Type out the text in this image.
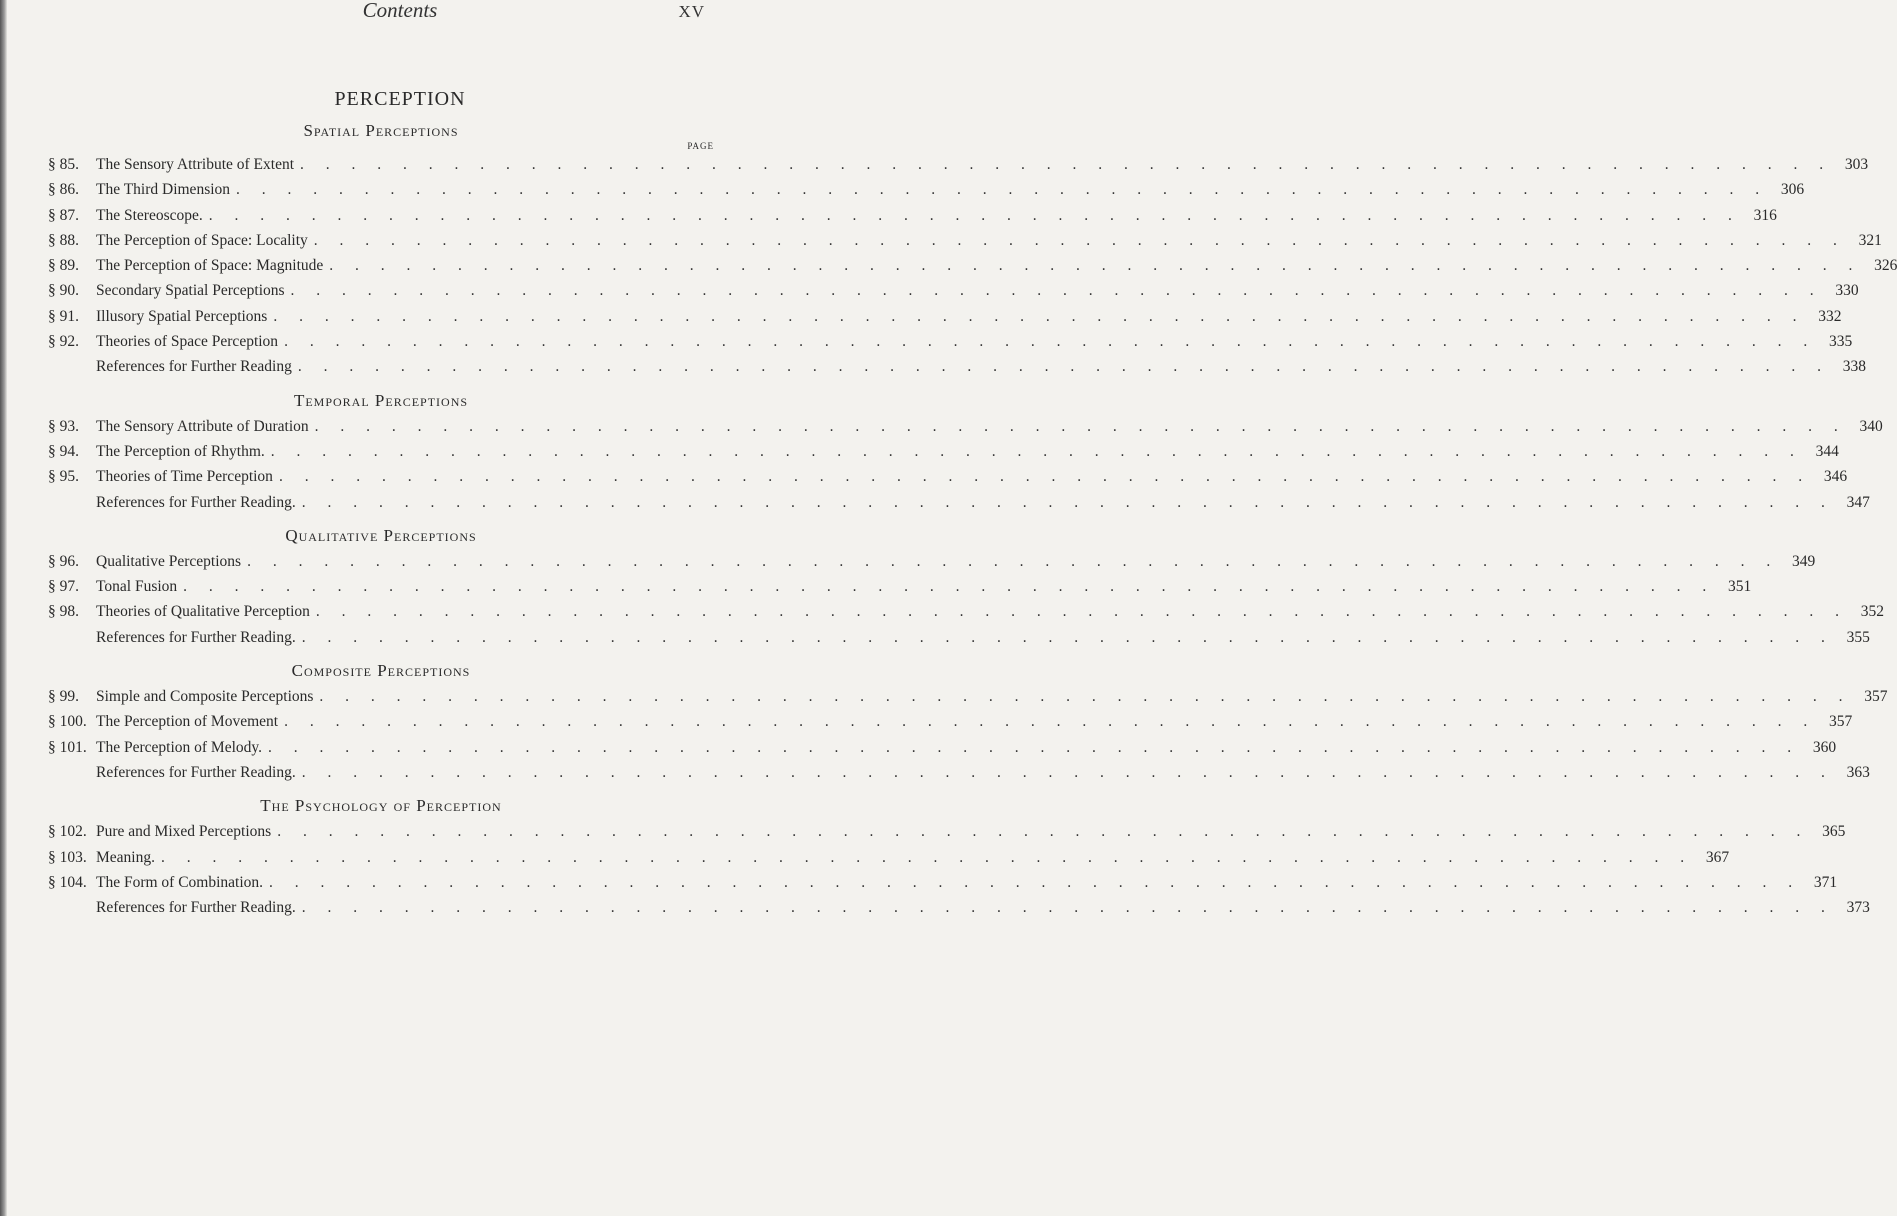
Contents	XV
PERCEPTION
Spatial Perceptions
PAGE
§ 85.	The Sensory Attribute of Extent . . . . . . . . . . . . . . . . . . . . . . . . . . . . . . . . . . . . . . . . . . . . . . . . . . . . . . . . . . . . 303
§ 86.	The Third Dimension . . . . . . . . . . . . . . . . . . . . . . . . . . . . . . . . . . . . . . . . . . . . . . . . . . . . . . . . . . . . 306
§ 87.	The Stereoscope. . . . . . . . . . . . . . . . . . . . . . . . . . . . . . . . . . . . . . . . . . . . . . . . . . . . . . . . . . . . . 316
§ 88.	The Perception of Space: Locality . . . . . . . . . . . . . . . . . . . . . . . . . . . . . . . . . . . . . . . . . . . . . . . . . . . . . . . . . . . . 321
§ 89.	The Perception of Space: Magnitude . . . . . . . . . . . . . . . . . . . . . . . . . . . . . . . . . . . . . . . . . . . . . . . . . . . . . . . . . . . . 326
§ 90.	Secondary Spatial Perceptions . . . . . . . . . . . . . . . . . . . . . . . . . . . . . . . . . . . . . . . . . . . . . . . . . . . . . . . . . . . . 330
§ 91.	Illusory Spatial Perceptions . . . . . . . . . . . . . . . . . . . . . . . . . . . . . . . . . . . . . . . . . . . . . . . . . . . . . . . . . . . . 332
§ 92.	Theories of Space Perception . . . . . . . . . . . . . . . . . . . . . . . . . . . . . . . . . . . . . . . . . . . . . . . . . . . . . . . . . . . . 335
References for Further Reading . . . . . . . . . . . . . . . . . . . . . . . . . . . . . . . . . . . . . . . . . . . . . . . . . . . . . . . . . . . . 338
Temporal Perceptions
§ 93.	The Sensory Attribute of Duration . . . . . . . . . . . . . . . . . . . . . . . . . . . . . . . . . . . . . . . . . . . . . . . . . . . . . . . . . . . . 340
§ 94.	The Perception of Rhythm. . . . . . . . . . . . . . . . . . . . . . . . . . . . . . . . . . . . . . . . . . . . . . . . . . . . . . . . . . . . . 344
§ 95.	Theories of Time Perception . . . . . . . . . . . . . . . . . . . . . . . . . . . . . . . . . . . . . . . . . . . . . . . . . . . . . . . . . . . . 346
References for Further Reading. . . . . . . . . . . . . . . . . . . . . . . . . . . . . . . . . . . . . . . . . . . . . . . . . . . . . . . . . . . . . 347
Qualitative Perceptions
§ 96.	Qualitative Perceptions . . . . . . . . . . . . . . . . . . . . . . . . . . . . . . . . . . . . . . . . . . . . . . . . . . . . . . . . . . . . 349
§ 97.	Tonal Fusion . . . . . . . . . . . . . . . . . . . . . . . . . . . . . . . . . . . . . . . . . . . . . . . . . . . . . . . . . . . . 351
§ 98.	Theories of Qualitative Perception . . . . . . . . . . . . . . . . . . . . . . . . . . . . . . . . . . . . . . . . . . . . . . . . . . . . . . . . . . . . 352
References for Further Reading. . . . . . . . . . . . . . . . . . . . . . . . . . . . . . . . . . . . . . . . . . . . . . . . . . . . . . . . . . . . . 355
Composite Perceptions
§ 99.	Simple and Composite Perceptions . . . . . . . . . . . . . . . . . . . . . . . . . . . . . . . . . . . . . . . . . . . . . . . . . . . . . . . . . . . . 357
§ 100. The Perception of Movement . . . . . . . . . . . . . . . . . . . . . . . . . . . . . . . . . . . . . . . . . . . . . . . . . . . . . . . . . . . . 357
§ 101. The Perception of Melody. . . . . . . . . . . . . . . . . . . . . . . . . . . . . . . . . . . . . . . . . . . . . . . . . . . . . . . . . . . . . 360
References for Further Reading. . . . . . . . . . . . . . . . . . . . . . . . . . . . . . . . . . . . . . . . . . . . . . . . . . . . . . . . . . . . . 363
The Psychology of Perception
§ 102. Pure and Mixed Perceptions . . . . . . . . . . . . . . . . . . . . . . . . . . . . . . . . . . . . . . . . . . . . . . . . . . . . . . . . . . . . 365
§ 103. Meaning. . . . . . . . . . . . . . . . . . . . . . . . . . . . . . . . . . . . . . . . . . . . . . . . . . . . . . . . . . . . . 367
§ 104. The Form of Combination. . . . . . . . . . . . . . . . . . . . . . . . . . . . . . . . . . . . . . . . . . . . . . . . . . . . . . . . . . . . . 371
References for Further Reading. . . . . . . . . . . . . . . . . . . . . . . . . . . . . . . . . . . . . . . . . . . . . . . . . . . . . . . . . . . . . 373
